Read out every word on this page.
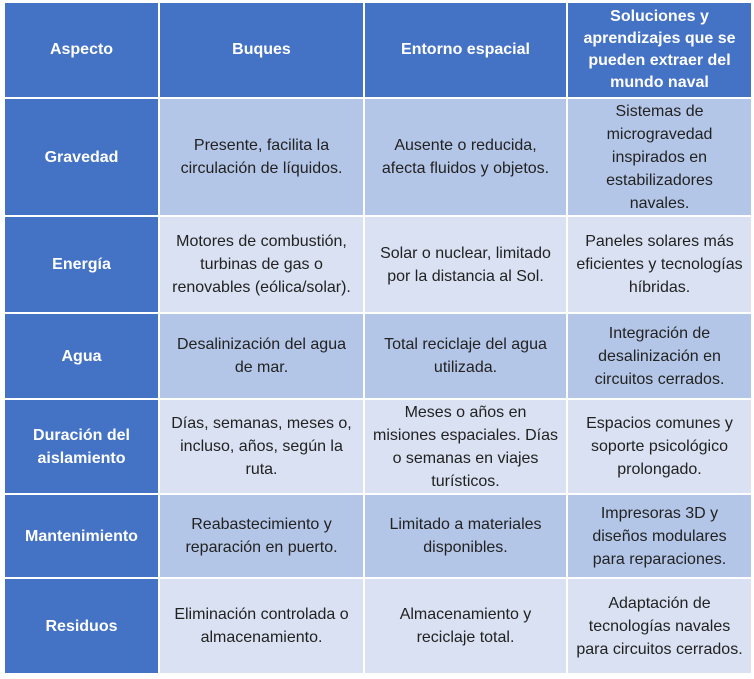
Aspecto	Buques	Entorno espacial	Soluciones y aprendizajes que se pueden extraer del mundo naval
Gravedad	Presente, facilita la circulación de líquidos.	Ausente o reducida, afecta fluidos y objetos.	Sistemas de microgravedad inspirados en estabilizadores navales.
Energía	Motores de combustión, turbinas de gas o renovables (eólica/solar).	Solar o nuclear, limitado por la distancia al Sol.	Paneles solares más eficientes y tecnologías híbridas.
Agua	Desalinización del agua de mar.	Total reciclaje del agua utilizada.	Integración de desalinización en circuitos cerrados.
Duración del aislamiento	Días, semanas, meses o, incluso, años, según la ruta.	Meses o años en misiones espaciales. Días o semanas en viajes turísticos.	Espacios comunes y soporte psicológico prolongado.
Mantenimiento	Reabastecimiento y reparación en puerto.	Limitado a materiales disponibles.	Impresoras 3D y diseños modulares para reparaciones.
Residuos	Eliminación controlada o almacenamiento.	Almacenamiento y reciclaje total.	Adaptación de tecnologías navales para circuitos cerrados.
